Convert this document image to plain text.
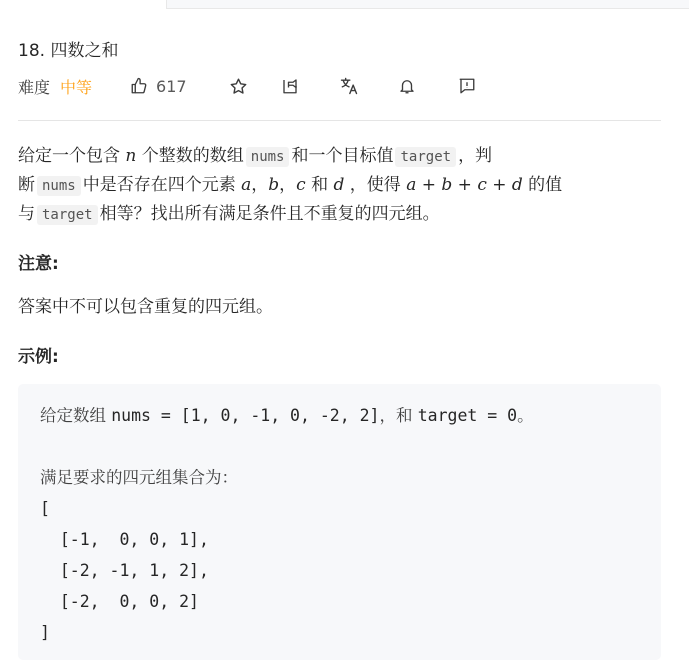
18. 四数之和
难度 中等	617

给定一个包含 n 个整数的数组 nums 和一个目标值 target ，判

断 nums 中是否存在四个元素 a，b，c 和 d ，使得 a + b + c + d 的值

与 target 相等？找出所有满足条件且不重复的四元组。

注意:

答案中不可以包含重复的四元组。

示例:
给定数组 nums = [1, 0, -1, 0, -2, 2]，和 target = 0。
满足要求的四元组集合为：
[
[-1,  0, 0, 1],
[-2, -1, 1, 2],
[-2,  0, 0, 2]
]
